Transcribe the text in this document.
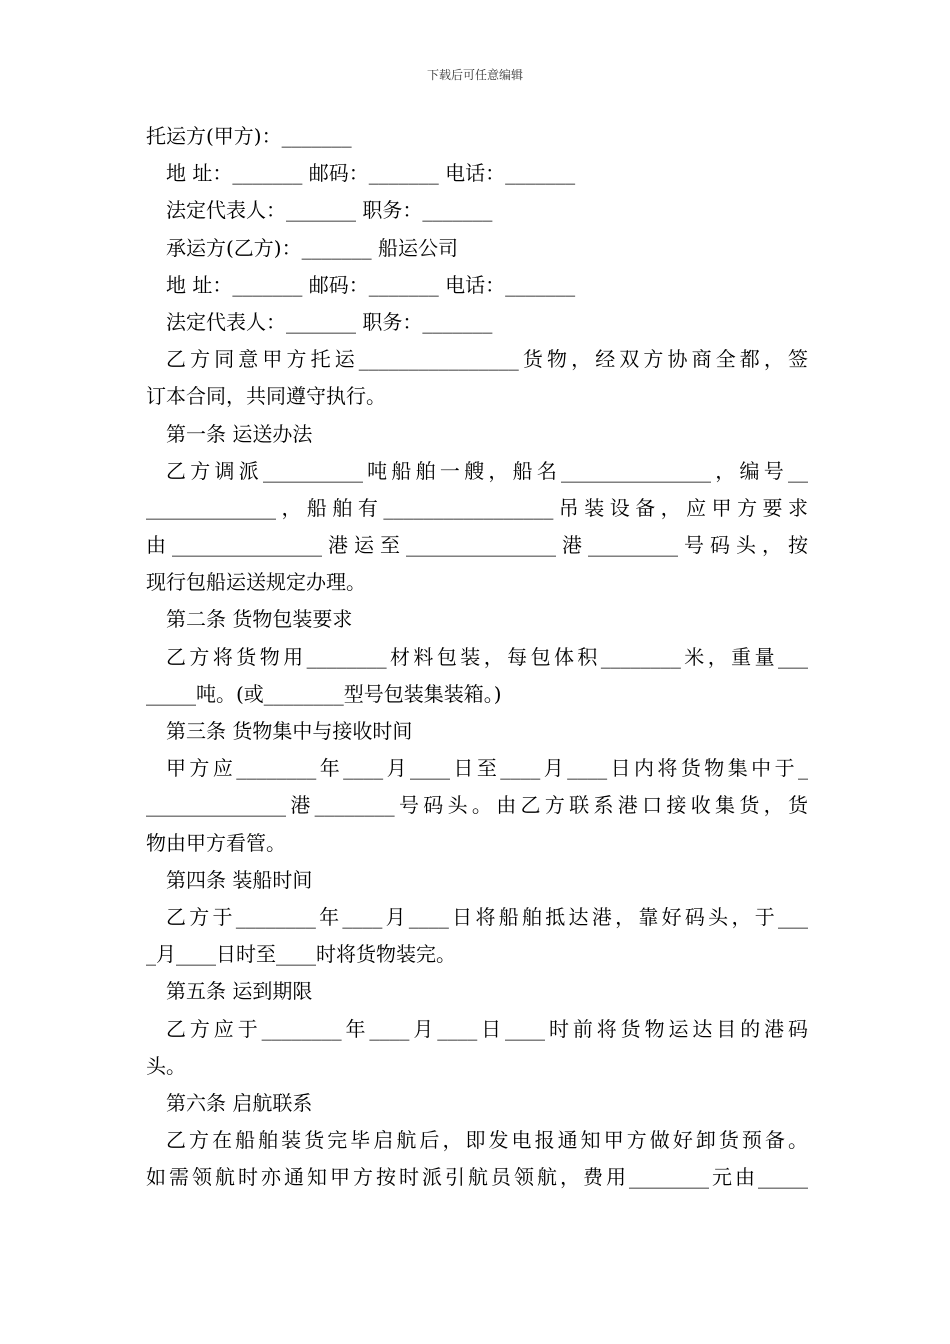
下载后可任意编辑
托运方(甲方)：_______
地 址：_______ 邮码：_______ 电话：_______
法定代表人：_______ 职务：_______
承运方(乙方)：_______ 船运公司
地 址：_______ 邮码：_______ 电话：_______
法定代表人：_______ 职务：_______
乙方同意甲方托运________________货物，经双方协商全都，签
订本合同，共同遵守执行。
第一条 运送办法
乙方调派__________吨船舶一艘，船名_______________，编号__
_____________，船舶有_________________吊装设备，应甲方要求
由_______________港运至_______________港_________号码头，按
现行包船运送规定办理。
第二条 货物包装要求
乙方将货物用________材料包装，每包体积________米，重量___
_____吨。(或________型号包装集装箱。)
第三条 货物集中与接收时间
甲方应________年____月____日至____月____日内将货物集中于_
______________港________号码头。由乙方联系港口接收集货，货
物由甲方看管。
第四条 装船时间
乙方于________年____月____日将船舶抵达港，靠好码头，于___
_月____日时至____时将货物装完。
第五条 运到期限
乙方应于________年____月____日____时前将货物运达目的港码
头。
第六条 启航联系
乙方在船舶装货完毕启航后，即发电报通知甲方做好卸货预备。
如需领航时亦通知甲方按时派引航员领航，费用________元由_____
